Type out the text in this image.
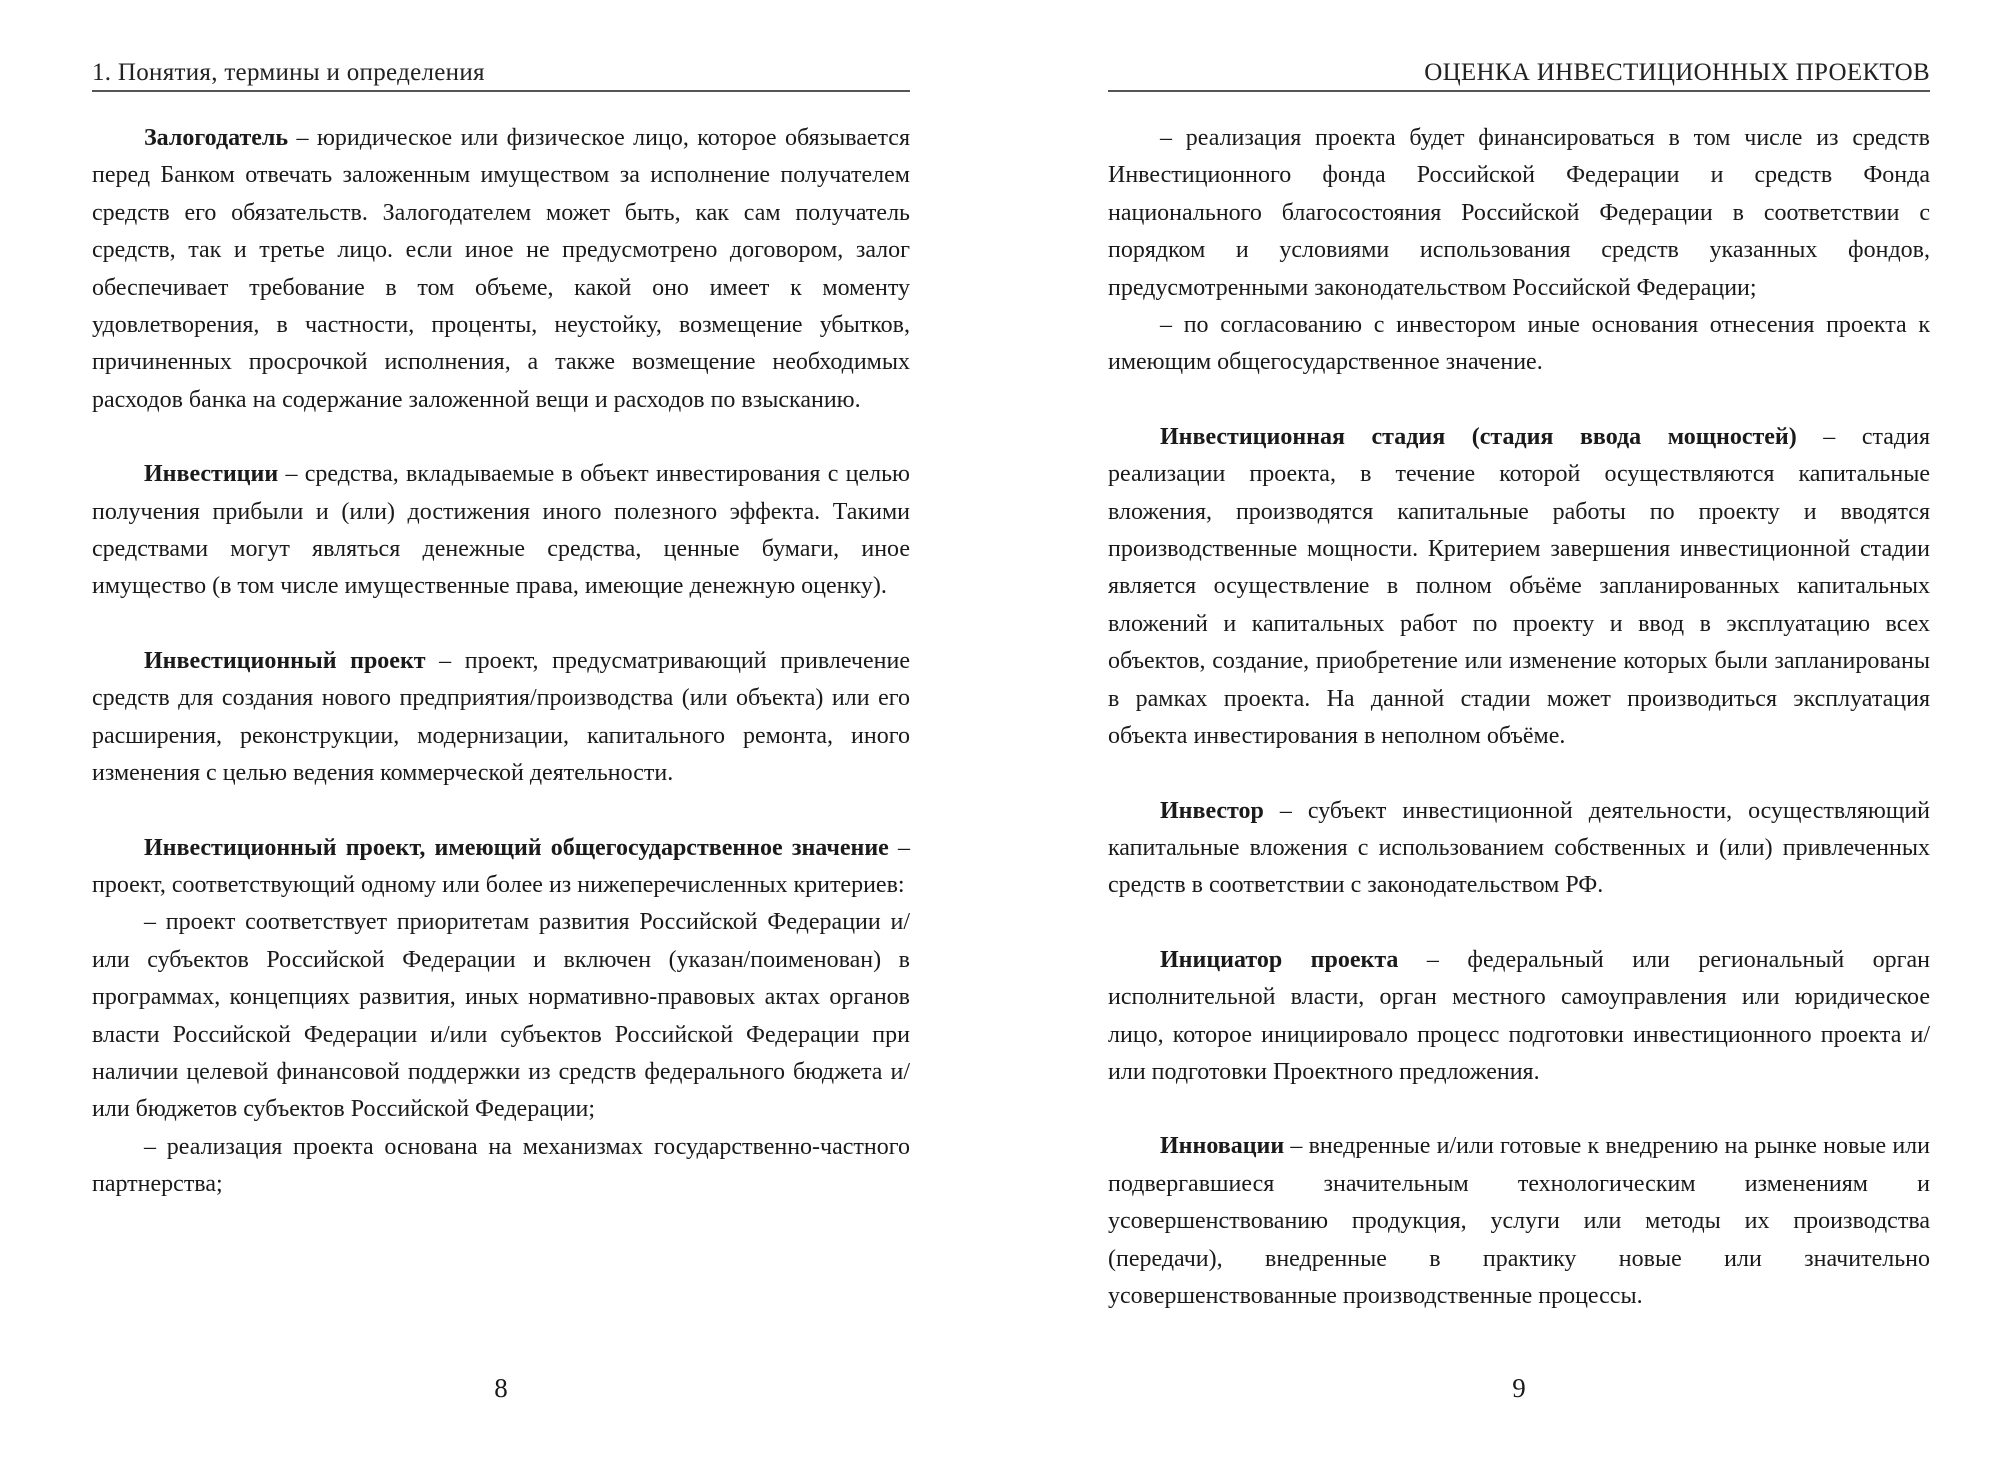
1. Понятия, термины и определения

Залогодатель – юридическое или физическое лицо, которое обязывается перед Банком отвечать заложенным имуществом за исполнение получателем средств его обязательств. Залогодателем может быть, как сам получатель средств, так и третье лицо. если иное не предусмотрено договором, залог обеспечивает требование в том объеме, какой оно имеет к моменту удовлетворения, в частности, проценты, неустойку, возмещение убытков, причиненных просрочкой исполнения, а также возмещение необходимых расходов банка на содержание заложенной вещи и расходов по взысканию.

Инвестиции – средства, вкладываемые в объект инвестирования с целью получения прибыли и (или) достижения иного полезного эффекта. Такими средствами могут являться денежные средства, ценные бумаги, иное имущество (в том числе имущественные права, имеющие денежную оценку).

Инвестиционный проект – проект, предусматривающий привлечение средств для создания нового предприятия/производства (или объекта) или его расширения, реконструкции, модернизации, капитального ремонта, иного изменения с целью ведения коммерческой деятельности.

Инвестиционный проект, имеющий общегосударственное значение – проект, соответствующий одному или более из нижеперечисленных критериев:

– проект соответствует приоритетам развития Российской Федерации и/или субъектов Российской Федерации и включен (указан/поименован) в программах, концепциях развития, иных нормативно-правовых актах органов власти Российской Федерации и/или субъектов Российской Федерации при наличии целевой финансовой поддержки из средств федерального бюджета и/или бюджетов субъектов Российской Федерации;

– реализация проекта основана на механизмах государственно-частного партнерства;

8
ОЦЕНКА ИНВЕСТИЦИОННЫХ ПРОЕКТОВ

– реализация проекта будет финансироваться в том числе из средств Инвестиционного фонда Российской Федерации и средств Фонда национального благосостояния Российской Федерации в соответствии с порядком и условиями использования средств указанных фондов, предусмотренными законодательством Российской Федерации;

– по согласованию с инвестором иные основания отнесения проекта к имеющим общегосударственное значение.

Инвестиционная стадия (стадия ввода мощностей) – стадия реализации проекта, в течение которой осуществляются капитальные вложения, производятся капитальные работы по проекту и вводятся производственные мощности. Критерием завершения инвестиционной стадии является осуществление в полном объёме запланированных капитальных вложений и капитальных работ по проекту и ввод в эксплуатацию всех объектов, создание, приобретение или изменение которых были запланированы в рамках проекта. На данной стадии может производиться эксплуатация объекта инвестирования в неполном объёме.

Инвестор – субъект инвестиционной деятельности, осуществляющий капитальные вложения с использованием собственных и (или) привлеченных средств в соответствии с законодательством РФ.

Инициатор проекта – федеральный или региональный орган исполнительной власти, орган местного самоуправления или юридическое лицо, которое инициировало процесс подготовки инвестиционного проекта и/или подготовки Проектного предложения.

Инновации – внедренные и/или готовые к внедрению на рынке новые или подвергавшиеся значительным технологическим изменениям и усовершенствованию продукция, услуги или методы их производства (передачи), внедренные в практику новые или значительно усовершенствованные производственные процессы.

9
